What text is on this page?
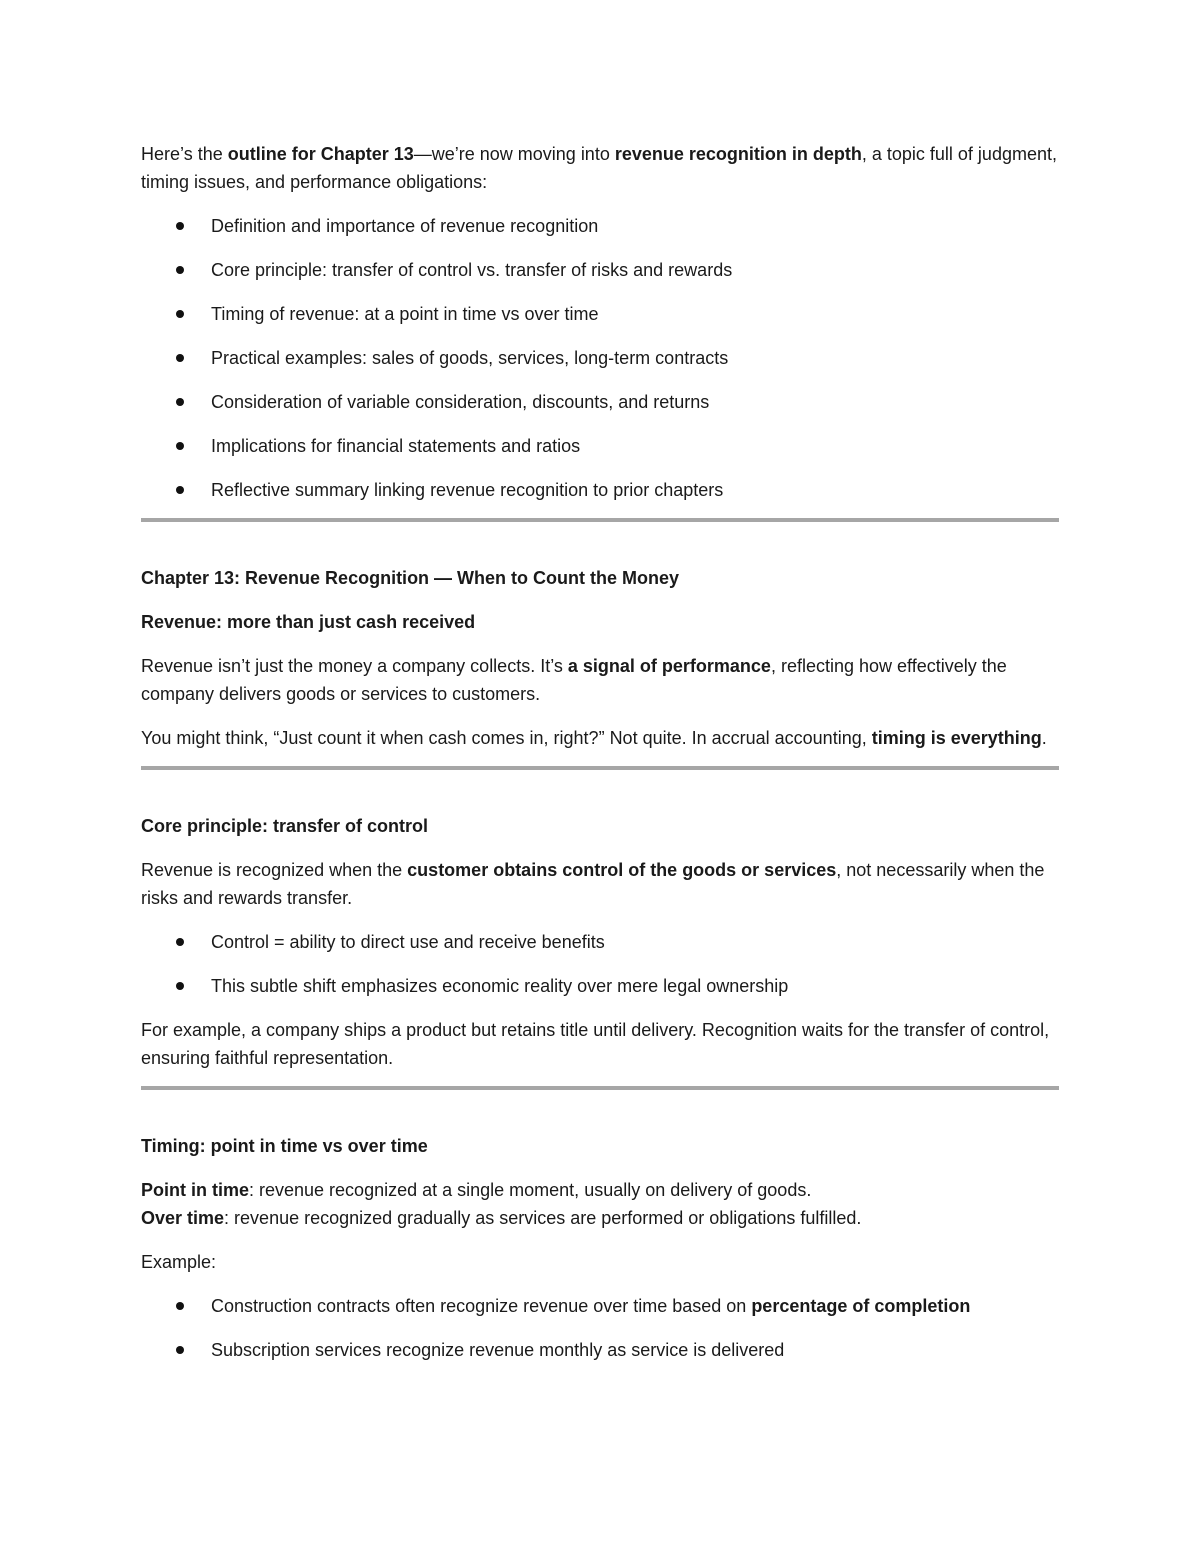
Here’s the outline for Chapter 13—we’re now moving into revenue recognition in depth, a topic full of judgment, timing issues, and performance obligations:

Definition and importance of revenue recognition
Core principle: transfer of control vs. transfer of risks and rewards
Timing of revenue: at a point in time vs over time
Practical examples: sales of goods, services, long-term contracts
Consideration of variable consideration, discounts, and returns
Implications for financial statements and ratios
Reflective summary linking revenue recognition to prior chapters

Chapter 13: Revenue Recognition — When to Count the Money

Revenue: more than just cash received

Revenue isn’t just the money a company collects. It’s a signal of performance, reflecting how effectively the company delivers goods or services to customers.

You might think, “Just count it when cash comes in, right?” Not quite. In accrual accounting, timing is everything.

Core principle: transfer of control

Revenue is recognized when the customer obtains control of the goods or services, not necessarily when the risks and rewards transfer.

Control = ability to direct use and receive benefits
This subtle shift emphasizes economic reality over mere legal ownership

For example, a company ships a product but retains title until delivery. Recognition waits for the transfer of control, ensuring faithful representation.

Timing: point in time vs over time

Point in time: revenue recognized at a single moment, usually on delivery of goods.
Over time: revenue recognized gradually as services are performed or obligations fulfilled.

Example:

Construction contracts often recognize revenue over time based on percentage of completion
Subscription services recognize revenue monthly as service is delivered
